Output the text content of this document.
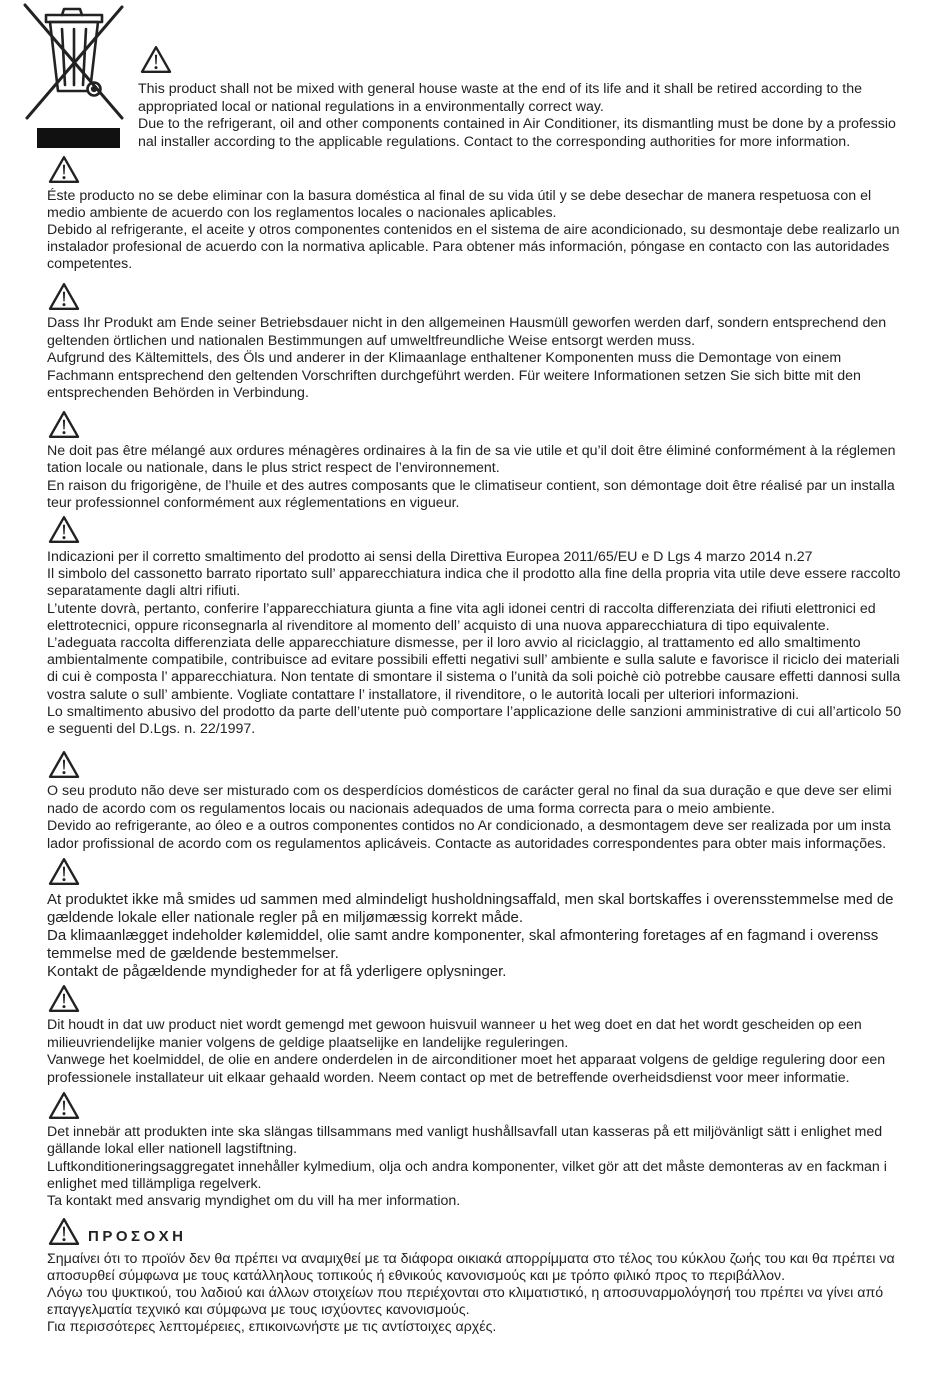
This product shall not be mixed with general house waste at the end of its life and it shall be retired according to the
appropriated local or national regulations in a environmentally correct way.
Due to the refrigerant, oil and other components contained in Air Conditioner, its dismantling must be done by a professio
nal installer according to the applicable regulations. Contact to the corresponding authorities for more information.
Éste producto no se debe eliminar con la basura doméstica al final de su vida útil y se debe desechar de manera respetuosa con el
medio ambiente de acuerdo con los reglamentos locales o nacionales aplicables.
Debido al refrigerante, el aceite y otros componentes contenidos en el sistema de aire acondicionado, su desmontaje debe realizarlo un
instalador profesional de acuerdo con la normativa aplicable. Para obtener más información, póngase en contacto con las autoridades
competentes.
Dass Ihr Produkt am Ende seiner Betriebsdauer nicht in den allgemeinen Hausmüll geworfen werden darf, sondern entsprechend den
geltenden örtlichen und nationalen Bestimmungen auf umweltfreundliche Weise entsorgt werden muss.
Aufgrund des Kältemittels, des Öls und anderer in der Klimaanlage enthaltener Komponenten muss die Demontage von einem
Fachmann entsprechend den geltenden Vorschriften durchgeführt werden. Für weitere Informationen setzen Sie sich bitte mit den
entsprechenden Behörden in Verbindung.
Ne doit pas être mélangé aux ordures ménagères ordinaires à la fin de sa vie utile et qu’il doit être éliminé conformément à la réglemen
tation locale ou nationale, dans le plus strict respect de l’environnement.
En raison du frigorigène, de l’huile et des autres composants que le climatiseur contient, son démontage doit être réalisé par un installa
teur professionnel conformément aux réglementations en vigueur.
Indicazioni per il corretto smaltimento del prodotto ai sensi della Direttiva Europea 2011/65/EU e D Lgs 4 marzo 2014 n.27
Il simbolo del cassonetto barrato riportato sull’ apparecchiatura indica che il prodotto alla fine della propria vita utile deve essere raccolto
separatamente dagli altri rifiuti.
L’utente dovrà, pertanto, conferire l’apparecchiatura giunta a fine vita agli idonei centri di raccolta differenziata dei rifiuti elettronici ed
elettrotecnici, oppure riconsegnarla al rivenditore al momento dell’ acquisto di una nuova apparecchiatura di tipo equivalente.
L’adeguata raccolta differenziata delle apparecchiature dismesse, per il loro avvio al riciclaggio, al trattamento ed allo smaltimento
ambientalmente compatibile, contribuisce ad evitare possibili effetti negativi sull’ ambiente e sulla salute e favorisce il riciclo dei materiali
di cui è composta l’ apparecchiatura. Non tentate di smontare il sistema o l’unità da soli poichè ciò potrebbe causare effetti dannosi sulla
vostra salute o sull’ ambiente. Vogliate contattare l’ installatore, il rivenditore, o le autorità locali per ulteriori informazioni.
Lo smaltimento abusivo del prodotto da parte dell’utente può comportare l’applicazione delle sanzioni amministrative di cui all’articolo 50
e seguenti del D.Lgs. n. 22/1997.
O seu produto não deve ser misturado com os desperdícios domésticos de carácter geral no final da sua duração e que deve ser elimi
nado de acordo com os regulamentos locais ou nacionais adequados de uma forma correcta para o meio ambiente.
Devido ao refrigerante, ao óleo e a outros componentes contidos no Ar condicionado, a desmontagem deve ser realizada por um insta
lador profissional de acordo com os regulamentos aplicáveis. Contacte as autoridades correspondentes para obter mais informações.
At produktet ikke må smides ud sammen med almindeligt husholdningsaffald, men skal bortskaffes i overensstemmelse med de
gældende lokale eller nationale regler på en miljømæssig korrekt måde.
Da klimaanlægget indeholder kølemiddel, olie samt andre komponenter, skal afmontering foretages af en fagmand i overenss
temmelse med de gældende bestemmelser.
Kontakt de pågældende myndigheder for at få yderligere oplysninger.
Dit houdt in dat uw product niet wordt gemengd met gewoon huisvuil wanneer u het weg doet en dat het wordt gescheiden op een
milieuvriendelijke manier volgens de geldige plaatselijke en landelijke reguleringen.
Vanwege het koelmiddel, de olie en andere onderdelen in de airconditioner moet het apparaat volgens de geldige regulering door een
professionele installateur uit elkaar gehaald worden. Neem contact op met de betreffende overheidsdienst voor meer informatie.
Det innebär att produkten inte ska slängas tillsammans med vanligt hushållsavfall utan kasseras på ett miljövänligt sätt i enlighet med
gällande lokal eller nationell lagstiftning.
Luftkonditioneringsaggregatet innehåller kylmedium, olja och andra komponenter, vilket gör att det måste demonteras av en fackman i
enlighet med tillämpliga regelverk.
Ta kontakt med ansvarig myndighet om du vill ha mer information.
ΠΡΟΣΟΧΗ
Σημαίνει ότι το προϊόν δεν θα πρέπει να αναμιχθεί με τα διάφορα οικιακά απορρίμματα στο τέλος του κύκλου ζωής του και θα πρέπει να
αποσυρθεί σύμφωνα με τους κατάλληλους τοπικούς ή εθνικούς κανονισμούς και με τρόπο φιλικό προς το περιβάλλον.
Λόγω του ψυκτικού, του λαδιού και άλλων στοιχείων που περιέχονται στο κλιματιστικό, η αποσυναρμολόγησή του πρέπει να γίνει από
επαγγελματία τεχνικό και σύμφωνα με τους ισχύοντες κανονισμούς.
Για περισσότερες λεπτομέρειες, επικοινωνήστε με τις αντίστοιχες αρχές.
